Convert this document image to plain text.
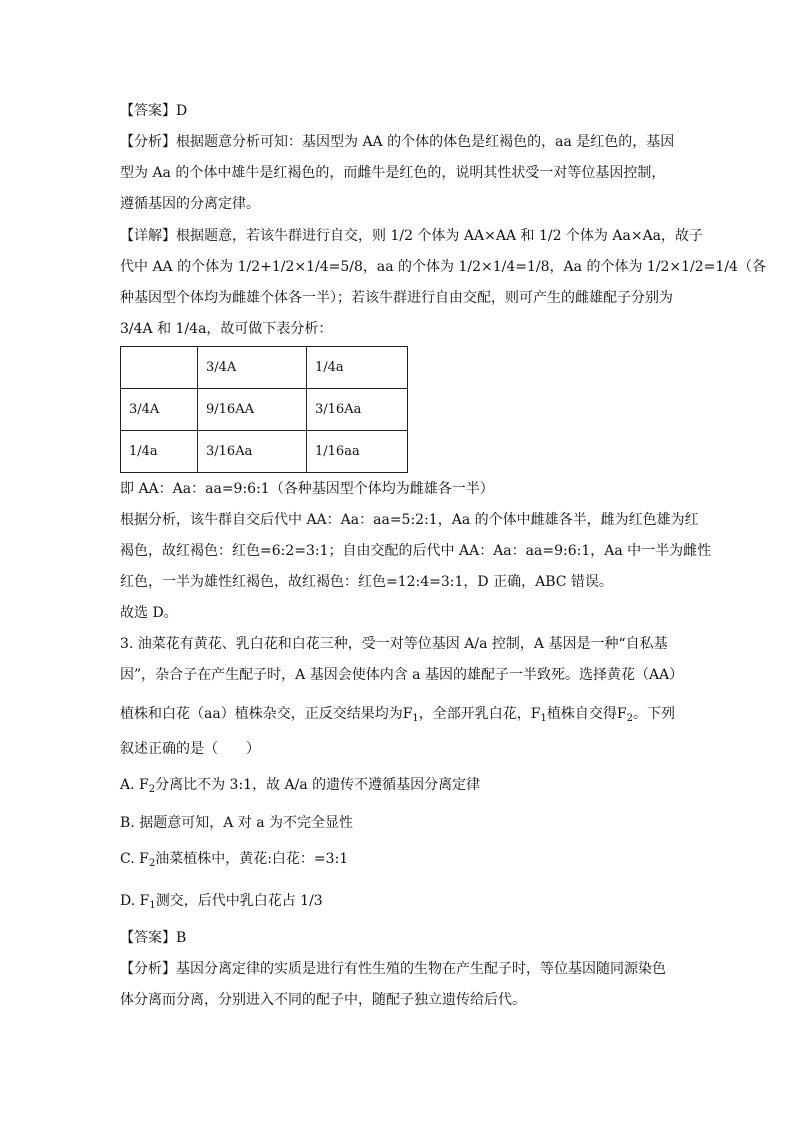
【答案】D
【分析】根据题意分析可知：基因型为 AA 的个体的体色是红褐色的，aa 是红色的，基因
型为 Aa 的个体中雄牛是红褐色的，而雌牛是红色的，说明其性状受一对等位基因控制，
遵循基因的分离定律。
【详解】根据题意，若该牛群进行自交，则 1/2 个体为 AA×AA 和 1/2 个体为 Aa×Aa，故子
代中 AA 的个体为 1/2+1/2×1/4=5/8，aa 的个体为 1/2×1/4=1/8，Aa 的个体为 1/2×1/2=1/4（各
种基因型个体均为雌雄个体各一半）；若该牛群进行自由交配，则可产生的雌雄配子分别为
3/4A 和 1/4a，故可做下表分析：
	3/4A	1/4a
3/4A	9/16AA	3/16Aa
1/4a	3/16Aa	1/16aa
即 AA：Aa：aa=9:6:1（各种基因型个体均为雌雄各一半）
根据分析，该牛群自交后代中 AA：Aa：aa=5:2:1，Aa 的个体中雌雄各半，雌为红色雄为红
褐色，故红褐色：红色=6:2=3:1；自由交配的后代中 AA：Aa：aa=9:6:1，Aa 中一半为雌性
红色，一半为雄性红褐色，故红褐色：红色=12:4=3:1，D 正确，ABC 错误。
故选 D。
3. 油菜花有黄花、乳白花和白花三种，受一对等位基因 A/a 控制，A 基因是一种“自私基
因”，杂合子在产生配子时，A 基因会使体内含 a 基因的雄配子一半致死。选择黄花（AA）
植株和白花（aa）植株杂交，正反交结果均为$F_1$，全部开乳白花，$F_1$植株自交得$F_2$。下列
叙述正确的是（　　）
A. $F_2$分离比不为 3:1，故 A/a 的遗传不遵循基因分离定律
B. 据题意可知，A 对 a 为不完全显性
C. $F_2$油菜植株中，黄花:白花：=3:1
D. $F_1$测交，后代中乳白花占 1/3
【答案】B
【分析】基因分离定律的实质是进行有性生殖的生物在产生配子时，等位基因随同源染色
体分离而分离，分别进入不同的配子中，随配子独立遗传给后代。
